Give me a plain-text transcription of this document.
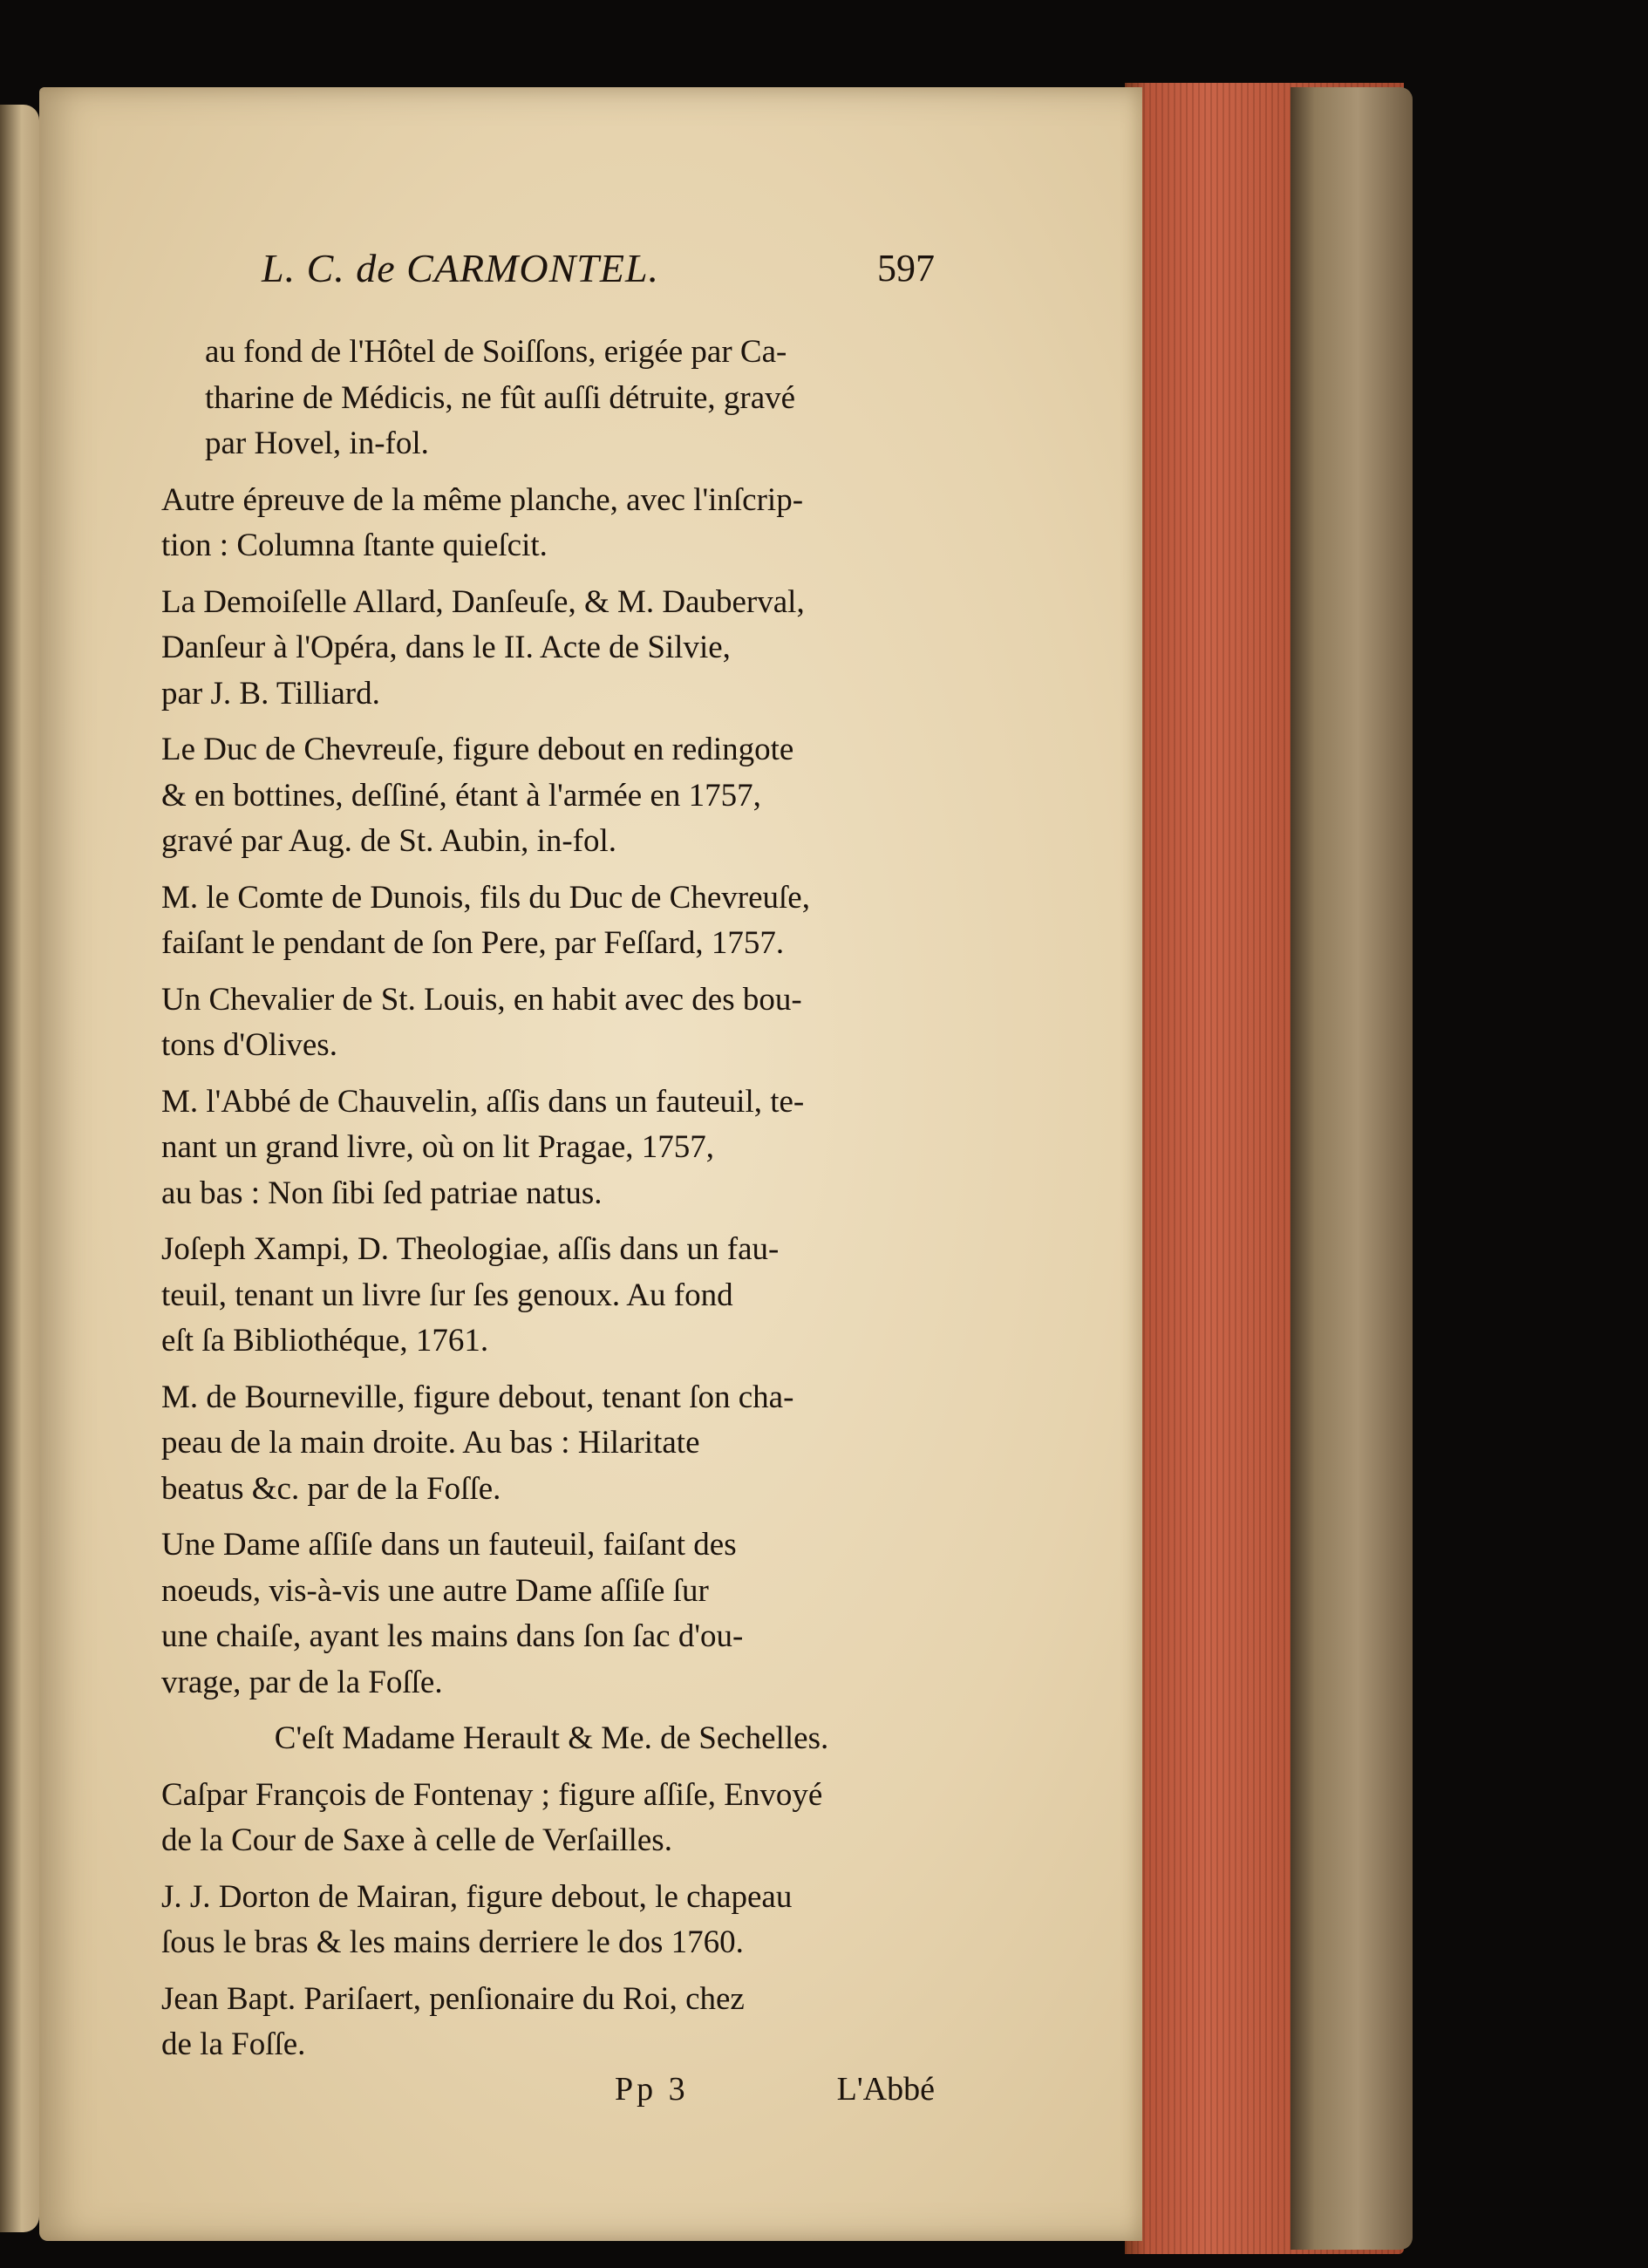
L. C. de CARMONTEL.	597

au fond de l'Hôtel de Soiſſons, erigée par Ca-
tharine de Médicis, ne fût auſſi détruite, gravé
par Hovel, in-fol.

Autre épreuve de la même planche, avec l'inſcrip-
tion : Columna ſtante quieſcit.

La Demoiſelle Allard, Danſeuſe, & M. Dauberval,
Danſeur à l'Opéra, dans le II. Acte de Silvie,
par J. B. Tilliard.

Le Duc de Chevreuſe, figure debout en redingote
& en bottines, deſſiné, étant à l'armée en 1757,
gravé par Aug. de St. Aubin, in-fol.

M. le Comte de Dunois, fils du Duc de Chevreuſe,
faiſant le pendant de ſon Pere, par Feſſard, 1757.

Un Chevalier de St. Louis, en habit avec des bou-
tons d'Olives.

M. l'Abbé de Chauvelin, aſſis dans un fauteuil, te-
nant un grand livre, où on lit Pragae, 1757,
au bas : Non ſibi ſed patriae natus.

Joſeph Xampi, D. Theologiae, aſſis dans un fau-
teuil, tenant un livre ſur ſes genoux. Au fond
eſt ſa Bibliothéque, 1761.

M. de Bourneville, figure debout, tenant ſon cha-
peau de la main droite. Au bas : Hilaritate
beatus &c. par de la Foſſe.

Une Dame aſſiſe dans un fauteuil, faiſant des
noeuds, vis-à-vis une autre Dame aſſiſe ſur
une chaiſe, ayant les mains dans ſon ſac d'ou-
vrage, par de la Foſſe.

C'eſt Madame Herault & Me. de Sechelles.

Caſpar François de Fontenay ; figure aſſiſe, Envoyé
de la Cour de Saxe à celle de Verſailles.

J. J. Dorton de Mairan, figure debout, le chapeau
ſous le bras & les mains derriere le dos 1760.

Jean Bapt. Pariſaert, penſionaire du Roi, chez
de la Foſſe.

Pp 3	L'Abbé
